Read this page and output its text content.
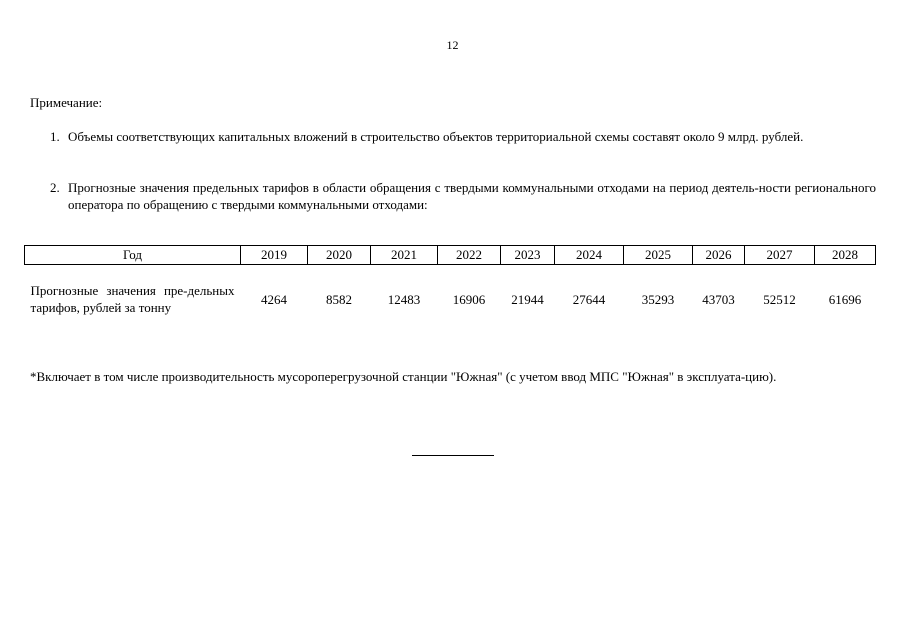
12
Примечание:
1. Объемы соответствующих капитальных вложений в строительство объектов территориальной схемы составят около 9 млрд. рублей.
2. Прогнозные значения предельных тарифов в области обращения с твердыми коммунальными отходами на период деятель-ности регионального оператора по обращению с твердыми коммунальными отходами:
Год	2019	2020	2021	2022	2023	2024	2025	2026	2027	2028
Прогнозные значения пре-дельных тарифов, рублей за тонну	4264	8582	12483	16906	21944	27644	35293	43703	52512	61696
*Включает в том числе производительность мусороперегрузочной станции "Южная" (с учетом ввод МПС "Южная" в эксплуата-цию).
